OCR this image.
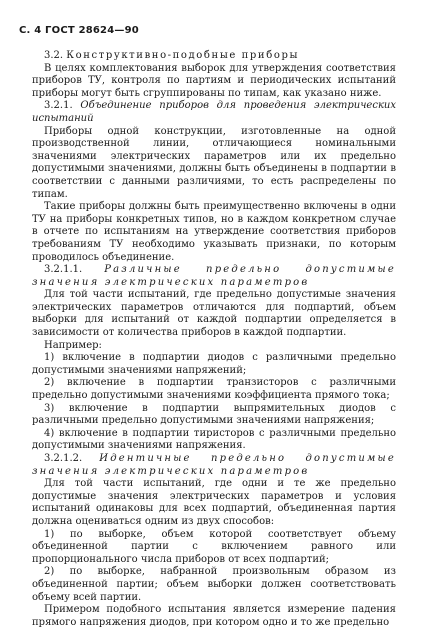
С. 4 ГОСТ 28624—90

3.2. Конструктивно-подобные приборы

В целях комплектования выборок для утверждения соответствия приборов ТУ, контроля по партиям и периодических испытаний приборы могут быть сгруппированы по типам, как указано ниже.

3.2.1. Объединение приборов для проведения электрических испытаний

Приборы одной конструкции, изготовленные на одной производственной линии, отличающиеся номинальными значениями электрических параметров или их предельно допустимыми значениями, должны быть объединены в подпартии в соответствии с данными различиями, то есть распределены по типам.

Такие приборы должны быть преимущественно включены в одни ТУ на приборы конкретных типов, но в каждом конкретном случае в отчете по испытаниям на утверждение соответствия приборов требованиям ТУ необходимо указывать признаки, по которым проводилось объединение.

3.2.1.1. Различные предельно допустимые значения электрических параметров

Для той части испытаний, где предельно допустимые значения электрических параметров отличаются для подпартий, объем выборки для испытаний от каждой подпартии определяется в зависимости от количества приборов в каждой подпартии.

Например:

1) включение в подпартии диодов с различными предельно допустимыми значениями напряжений;

2) включение в подпартии транзисторов с различными предельно допустимыми значениями коэффициента прямого тока;

3) включение в подпартии выпрямительных диодов с различными предельно допустимыми значениями напряжения;

4) включение в подпартии тиристоров с различными предельно допустимыми значениями напряжения.

3.2.1.2. Идентичные предельно допустимые значения электрических параметров

Для той части испытаний, где одни и те же предельно допустимые значения электрических параметров и условия испытаний одинаковы для всех подпартий, объединенная партия должна оцениваться одним из двух способов:

1) по выборке, объем которой соответствует объему объединенной партии с включением равного или пропорционального числа приборов от всех подпартий;

2) по выборке, набранной произвольным образом из объединенной партии; объем выборки должен соответствовать объему всей партии.

Примером подобного испытания является измерение падения прямого напряжения диодов, при котором одно и то же предельно
